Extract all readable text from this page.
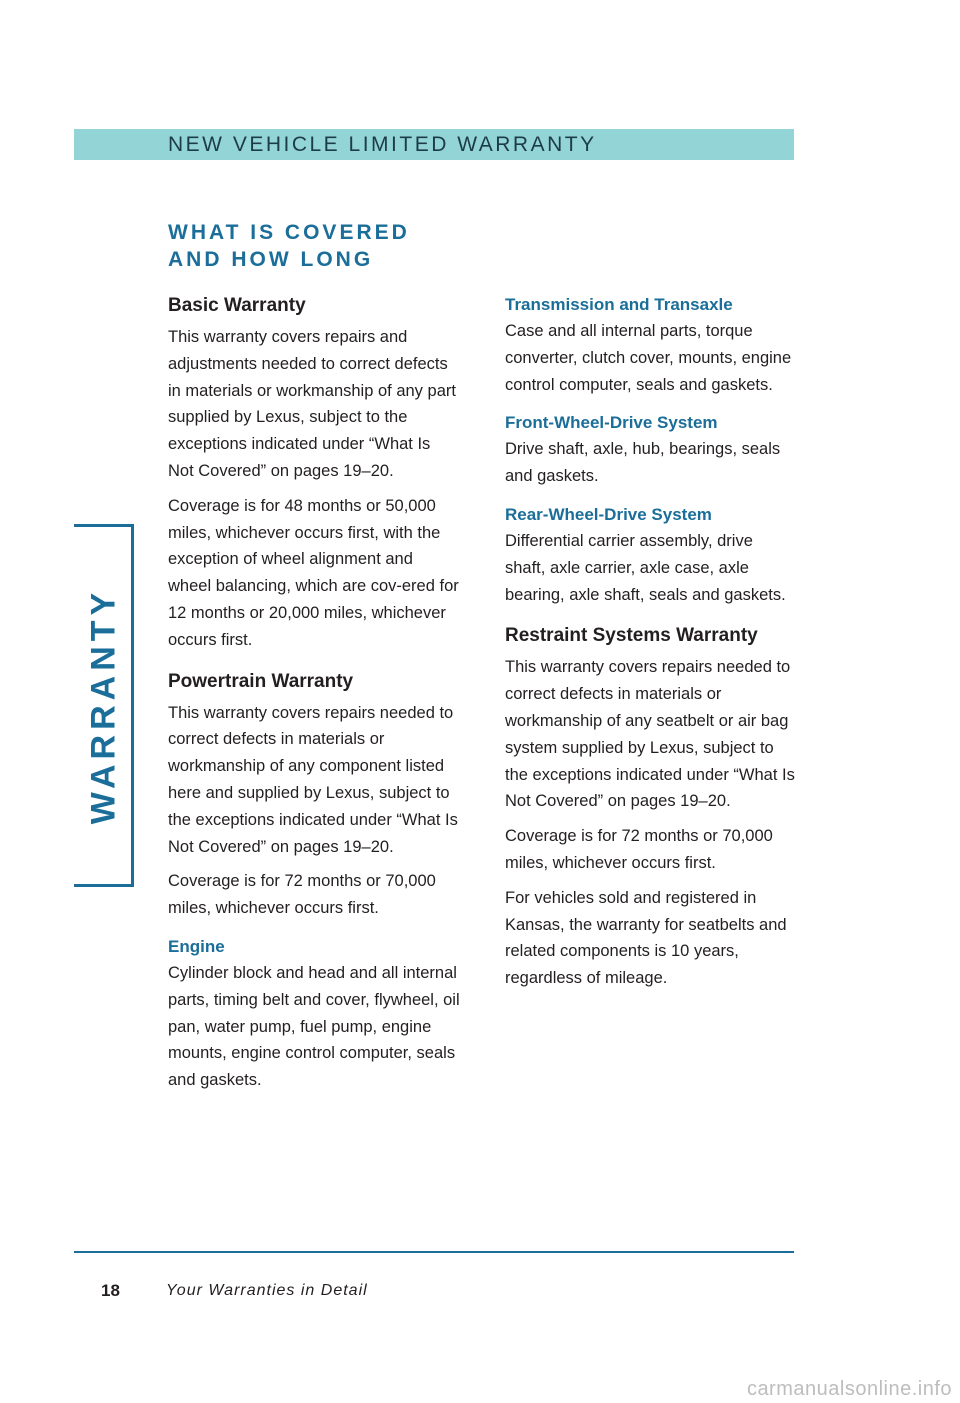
NEW VEHICLE LIMITED WARRANTY
WARRANTY
WHAT IS COVERED
AND HOW LONG
Basic Warranty

This warranty covers repairs and adjustments needed to correct defects in materials or workmanship of any part supplied by Lexus, subject to the exceptions indicated under “What Is Not Covered” on pages 19–20.

Coverage is for 48 months or 50,000 miles, whichever occurs first, with the exception of wheel alignment and wheel balancing, which are cov-ered for 12 months or 20,000 miles, whichever occurs first.

Powertrain Warranty

This warranty covers repairs needed to correct defects in materials or workmanship of any component listed here and supplied by Lexus, subject to the exceptions indicated under “What Is Not Covered” on pages 19–20.

Coverage is for 72 months or 70,000 miles, whichever occurs first.

Engine

Cylinder block and head and all internal parts, timing belt and cover, flywheel, oil pan, water pump, fuel pump, engine mounts, engine control computer, seals and gaskets.

Transmission and Transaxle

Case and all internal parts, torque converter, clutch cover, mounts, engine control computer, seals and gaskets.

Front-Wheel-Drive System

Drive shaft, axle, hub, bearings, seals and gaskets.

Rear-Wheel-Drive System

Differential carrier assembly, drive shaft, axle carrier, axle case, axle bearing, axle shaft, seals and gaskets.

Restraint Systems Warranty

This warranty covers repairs needed to correct defects in materials or workmanship of any seatbelt or air bag system supplied by Lexus, subject to the exceptions indicated under “What Is Not Covered” on pages 19–20.

Coverage is for 72 months or 70,000 miles, whichever occurs first.

For vehicles sold and registered in Kansas, the warranty for seatbelts and related components is 10 years, regardless of mileage.

18	Your Warranties in Detail
carmanualsonline.info
